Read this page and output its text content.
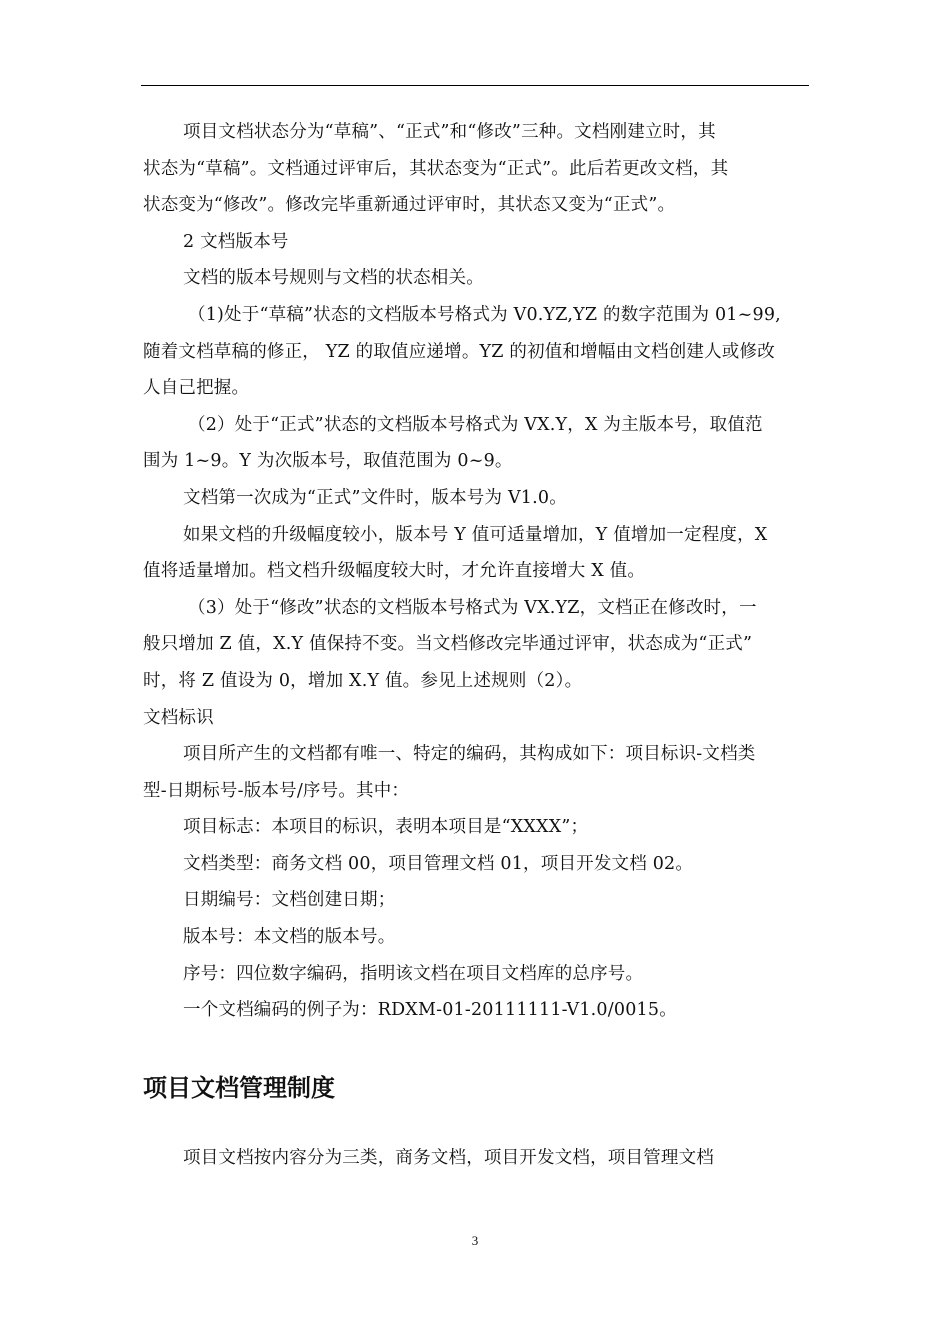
项目文档状态分为“草稿”、“正式”和“修改”三种。文档刚建立时，其

状态为“草稿”。文档通过评审后，其状态变为“正式”。此后若更改文档，其

状态变为“修改”。修改完毕重新通过评审时，其状态又变为“正式”。

2 文档版本号

文档的版本号规则与文档的状态相关。

（1)处于“草稿”状态的文档版本号格式为 V0.YZ,YZ 的数字范围为 01~99,

随着文档草稿的修正， YZ 的取值应递增。YZ 的初值和增幅由文档创建人或修改

人自己把握。

（2）处于“正式”状态的文档版本号格式为 VX.Y，X 为主版本号，取值范

围为 1~9。Y 为次版本号，取值范围为 0~9。

文档第一次成为“正式”文件时，版本号为 V1.0。

如果文档的升级幅度较小，版本号 Y 值可适量增加，Y 值增加一定程度，X

值将适量增加。档文档升级幅度较大时，才允许直接增大 X 值。

（3）处于“修改”状态的文档版本号格式为 VX.YZ，文档正在修改时，一

般只增加 Z 值，X.Y 值保持不变。当文档修改完毕通过评审，状态成为“正式”

时，将 Z 值设为 0，增加 X.Y 值。参见上述规则（2）。

文档标识

项目所产生的文档都有唯一、特定的编码，其构成如下：项目标识-文档类

型-日期标号-版本号/序号。其中：

项目标志：本项目的标识，表明本项目是“XXXX”；

文档类型：商务文档 00，项目管理文档 01，项目开发文档 02。

日期编号：文档创建日期；

版本号：本文档的版本号。

序号：四位数字编码，指明该文档在项目文档库的总序号。

一个文档编码的例子为：RDXM-01-20111111-V1.0/0015。

项目文档管理制度

项目文档按内容分为三类，商务文档，项目开发文档，项目管理文档

3
